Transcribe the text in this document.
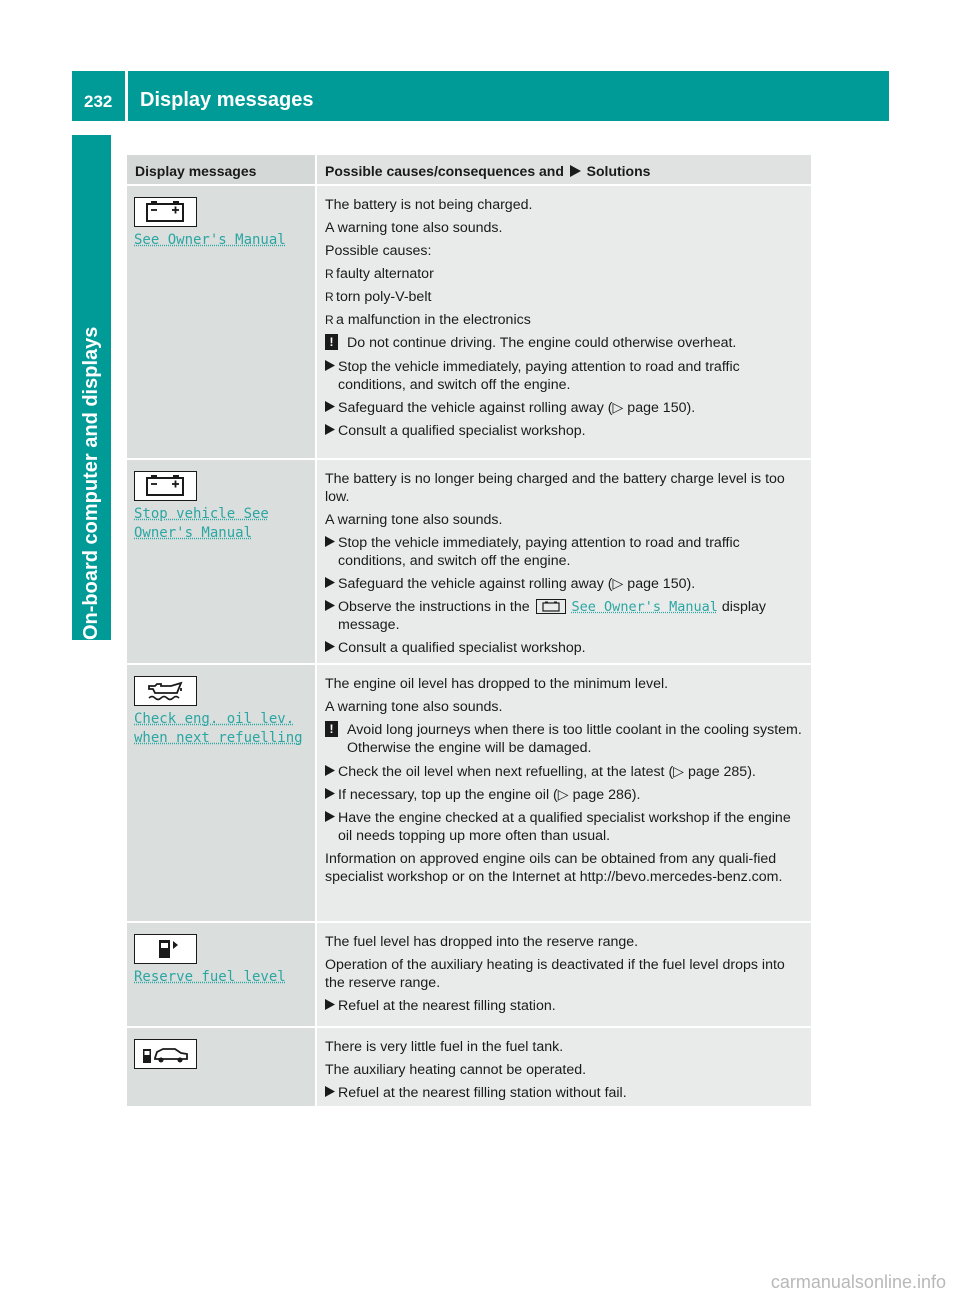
232 Display messages
On-board computer and displays
Display messages	Possible causes/consequences and Solutions
See Owner's Manual
The battery is not being charged.
A warning tone also sounds.
Possible causes:
R faulty alternator
R torn poly-V-belt
R a malfunction in the electronics
! Do not continue driving. The engine could otherwise overheat.
Stop the vehicle immediately, paying attention to road and traffic conditions, and switch off the engine.
Safeguard the vehicle against rolling away (▷ page 150).
Consult a qualified specialist workshop.
Stop vehicle See
Owner's Manual
The battery is no longer being charged and the battery charge level is too low.
A warning tone also sounds.
Stop the vehicle immediately, paying attention to road and traffic conditions, and switch off the engine.
Safeguard the vehicle against rolling away (▷ page 150).
Observe the instructions in the	See Owner's Manual display message.
Consult a qualified specialist workshop.
Check eng. oil lev.
when next refuelling
The engine oil level has dropped to the minimum level.
A warning tone also sounds.
! Avoid long journeys when there is too little coolant in the cooling system. Otherwise the engine will be damaged.
Check the oil level when next refuelling, at the latest (▷ page 285).
If necessary, top up the engine oil (▷ page 286).
Have the engine checked at a qualified specialist workshop if the engine oil needs topping up more often than usual.
Information on approved engine oils can be obtained from any quali-fied specialist workshop or on the Internet at http://bevo.mercedes-benz.com.
Reserve fuel level
The fuel level has dropped into the reserve range.
Operation of the auxiliary heating is deactivated if the fuel level drops into the reserve range.
Refuel at the nearest filling station.
There is very little fuel in the fuel tank.
The auxiliary heating cannot be operated.
Refuel at the nearest filling station without fail.
carmanualsonline.info
